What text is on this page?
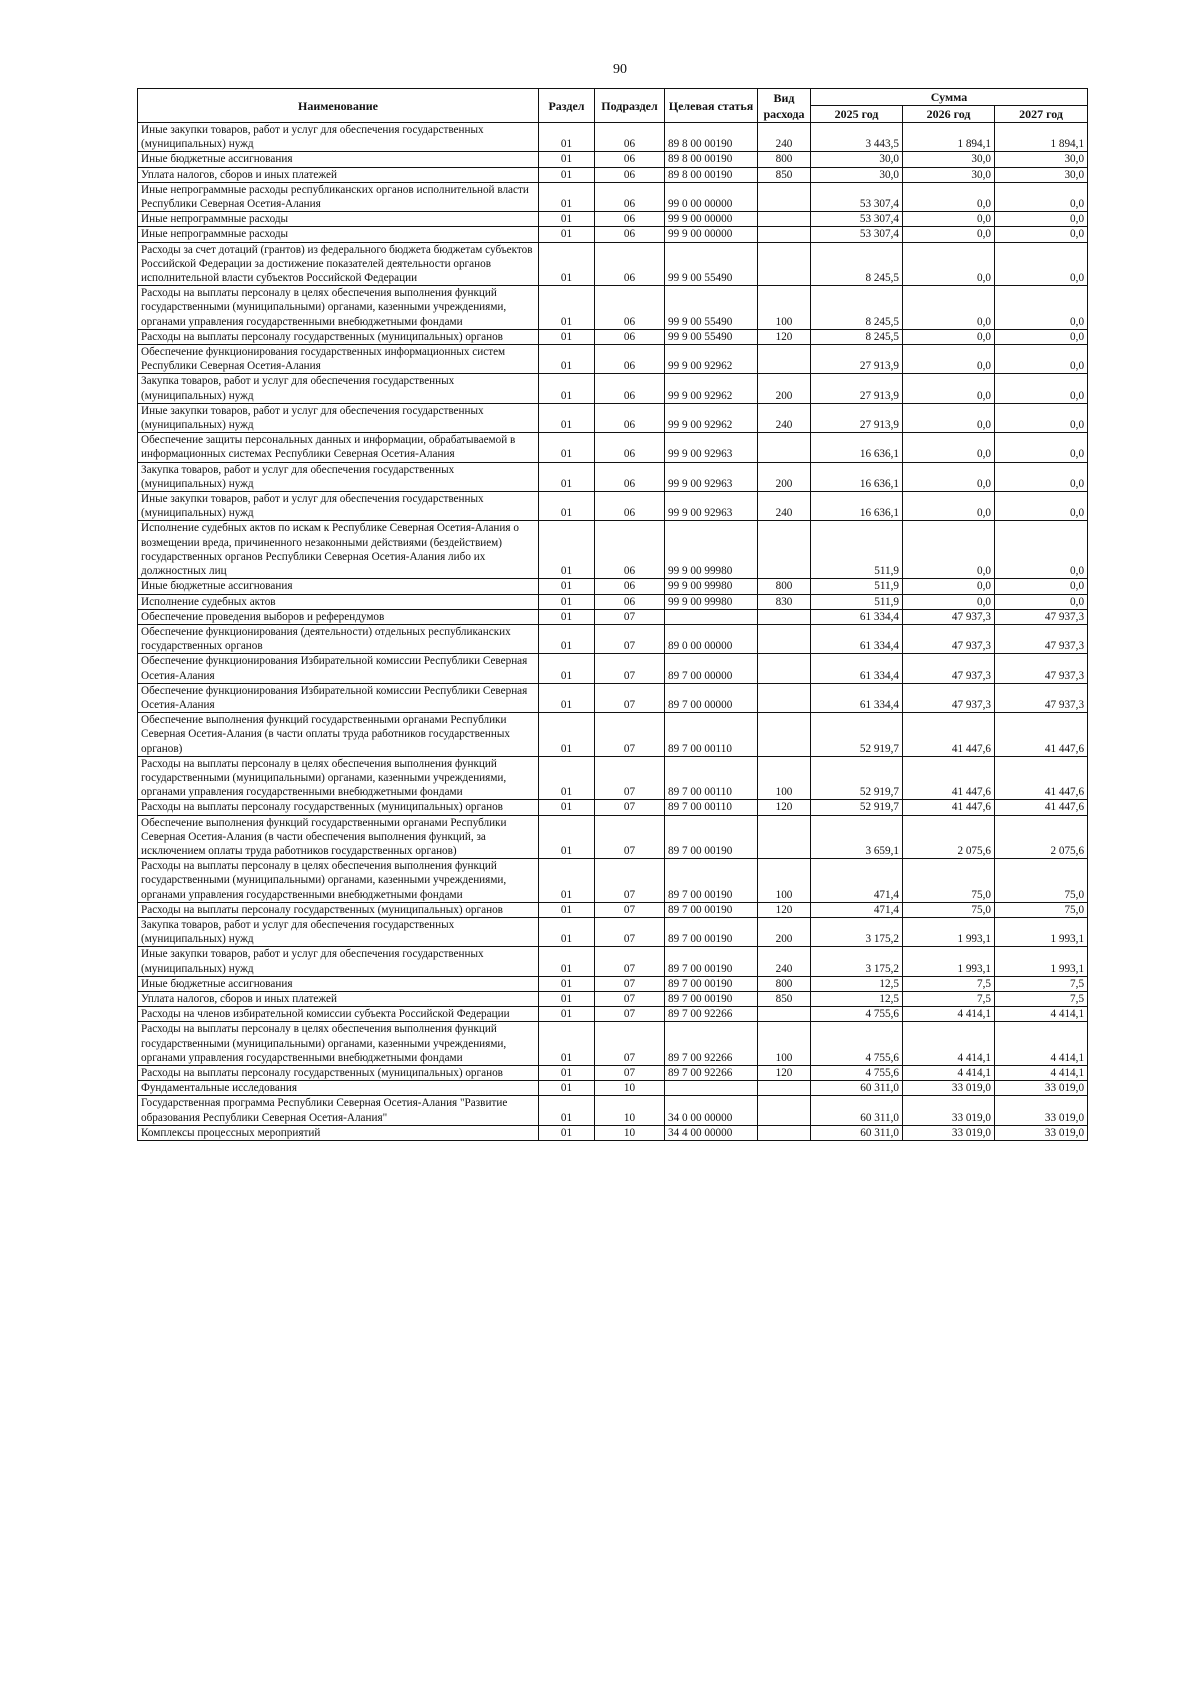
90
Наименование	Раздел	Подраздел	Целевая статья	Вид расхода	Сумма		
					2025 год	2026 год	2027 год
Иные закупки товаров, работ и услуг для обеспечения государственных (муниципальных) нужд	01	06	89 8 00 00190	240	3 443,5	1 894,1	1 894,1
Иные бюджетные ассигнования	01	06	89 8 00 00190	800	30,0	30,0	30,0
Уплата налогов, сборов и иных платежей	01	06	89 8 00 00190	850	30,0	30,0	30,0
Иные непрограммные расходы республиканских органов исполнительной власти Республики Северная Осетия-Алания	01	06	99 0 00 00000		53 307,4	0,0	0,0
Иные непрограммные расходы	01	06	99 9 00 00000		53 307,4	0,0	0,0
Иные непрограммные расходы	01	06	99 9 00 00000		53 307,4	0,0	0,0
Расходы за счет дотаций (грантов) из федерального бюджета бюджетам субъектов Российской Федерации за достижение показателей деятельности органов исполнительной власти субъектов Российской Федерации	01	06	99 9 00 55490		8 245,5	0,0	0,0
Расходы на выплаты персоналу в целях обеспечения выполнения функций государственными (муниципальными) органами, казенными учреждениями, органами управления государственными внебюджетными фондами	01	06	99 9 00 55490	100	8 245,5	0,0	0,0
Расходы на выплаты персоналу государственных (муниципальных) органов	01	06	99 9 00 55490	120	8 245,5	0,0	0,0
Обеспечение функционирования государственных информационных систем Республики Северная Осетия-Алания	01	06	99 9 00 92962		27 913,9	0,0	0,0
Закупка товаров, работ и услуг для обеспечения государственных (муниципальных) нужд	01	06	99 9 00 92962	200	27 913,9	0,0	0,0
Иные закупки товаров, работ и услуг для обеспечения государственных (муниципальных) нужд	01	06	99 9 00 92962	240	27 913,9	0,0	0,0
Обеспечение защиты персональных данных и информации, обрабатываемой в информационных системах Республики Северная Осетия-Алания	01	06	99 9 00 92963		16 636,1	0,0	0,0
Закупка товаров, работ и услуг для обеспечения государственных (муниципальных) нужд	01	06	99 9 00 92963	200	16 636,1	0,0	0,0
Иные закупки товаров, работ и услуг для обеспечения государственных (муниципальных) нужд	01	06	99 9 00 92963	240	16 636,1	0,0	0,0
Исполнение судебных актов по искам к Республике Северная Осетия-Алания о возмещении вреда, причиненного незаконными действиями (бездействием) государственных органов Республики Северная Осетия-Алания либо их должностных лиц	01	06	99 9 00 99980		511,9	0,0	0,0
Иные бюджетные ассигнования	01	06	99 9 00 99980	800	511,9	0,0	0,0
Исполнение судебных актов	01	06	99 9 00 99980	830	511,9	0,0	0,0
Обеспечение проведения выборов и референдумов	01	07			61 334,4	47 937,3	47 937,3
Обеспечение функционирования (деятельности) отдельных республиканских государственных органов	01	07	89 0 00 00000		61 334,4	47 937,3	47 937,3
Обеспечение функционирования Избирательной комиссии Республики Северная Осетия-Алания	01	07	89 7 00 00000		61 334,4	47 937,3	47 937,3
Обеспечение функционирования Избирательной комиссии Республики Северная Осетия-Алания	01	07	89 7 00 00000		61 334,4	47 937,3	47 937,3
Обеспечение выполнения функций государственными органами Республики Северная Осетия-Алания (в части оплаты труда работников государственных органов)	01	07	89 7 00 00110		52 919,7	41 447,6	41 447,6
Расходы на выплаты персоналу в целях обеспечения выполнения функций государственными (муниципальными) органами, казенными учреждениями, органами управления государственными внебюджетными фондами	01	07	89 7 00 00110	100	52 919,7	41 447,6	41 447,6
Расходы на выплаты персоналу государственных (муниципальных) органов	01	07	89 7 00 00110	120	52 919,7	41 447,6	41 447,6
Обеспечение выполнения функций государственными органами Республики Северная Осетия-Алания (в части обеспечения выполнения функций, за исключением оплаты труда работников государственных органов)	01	07	89 7 00 00190		3 659,1	2 075,6	2 075,6
Расходы на выплаты персоналу в целях обеспечения выполнения функций государственными (муниципальными) органами, казенными учреждениями, органами управления государственными внебюджетными фондами	01	07	89 7 00 00190	100	471,4	75,0	75,0
Расходы на выплаты персоналу государственных (муниципальных) органов	01	07	89 7 00 00190	120	471,4	75,0	75,0
Закупка товаров, работ и услуг для обеспечения государственных (муниципальных) нужд	01	07	89 7 00 00190	200	3 175,2	1 993,1	1 993,1
Иные закупки товаров, работ и услуг для обеспечения государственных (муниципальных) нужд	01	07	89 7 00 00190	240	3 175,2	1 993,1	1 993,1
Иные бюджетные ассигнования	01	07	89 7 00 00190	800	12,5	7,5	7,5
Уплата налогов, сборов и иных платежей	01	07	89 7 00 00190	850	12,5	7,5	7,5
Расходы на членов избирательной комиссии субъекта Российской Федерации	01	07	89 7 00 92266		4 755,6	4 414,1	4 414,1
Расходы на выплаты персоналу в целях обеспечения выполнения функций государственными (муниципальными) органами, казенными учреждениями, органами управления государственными внебюджетными фондами	01	07	89 7 00 92266	100	4 755,6	4 414,1	4 414,1
Расходы на выплаты персоналу государственных (муниципальных) органов	01	07	89 7 00 92266	120	4 755,6	4 414,1	4 414,1
Фундаментальные исследования	01	10			60 311,0	33 019,0	33 019,0
Государственная программа Республики Северная Осетия-Алания "Развитие образования Республики Северная Осетия-Алания"	01	10	34 0 00 00000		60 311,0	33 019,0	33 019,0
Комплексы процессных мероприятий	01	10	34 4 00 00000		60 311,0	33 019,0	33 019,0
